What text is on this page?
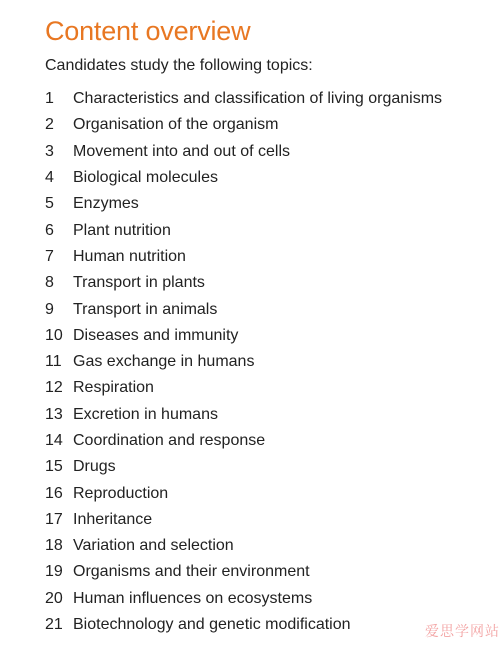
Content overview

Candidates study the following topics:

1	Characteristics and classification of living organisms
2	Organisation of the organism
3	Movement into and out of cells
4	Biological molecules
5	Enzymes
6	Plant nutrition
7	Human nutrition
8	Transport in plants
9	Transport in animals
10 Diseases and immunity
11 Gas exchange in humans
12 Respiration
13 Excretion in humans
14 Coordination and response
15 Drugs
16 Reproduction
17 Inheritance
18 Variation and selection
19 Organisms and their environment
20 Human influences on ecosystems
21 Biotechnology and genetic modification	爱思学网站
